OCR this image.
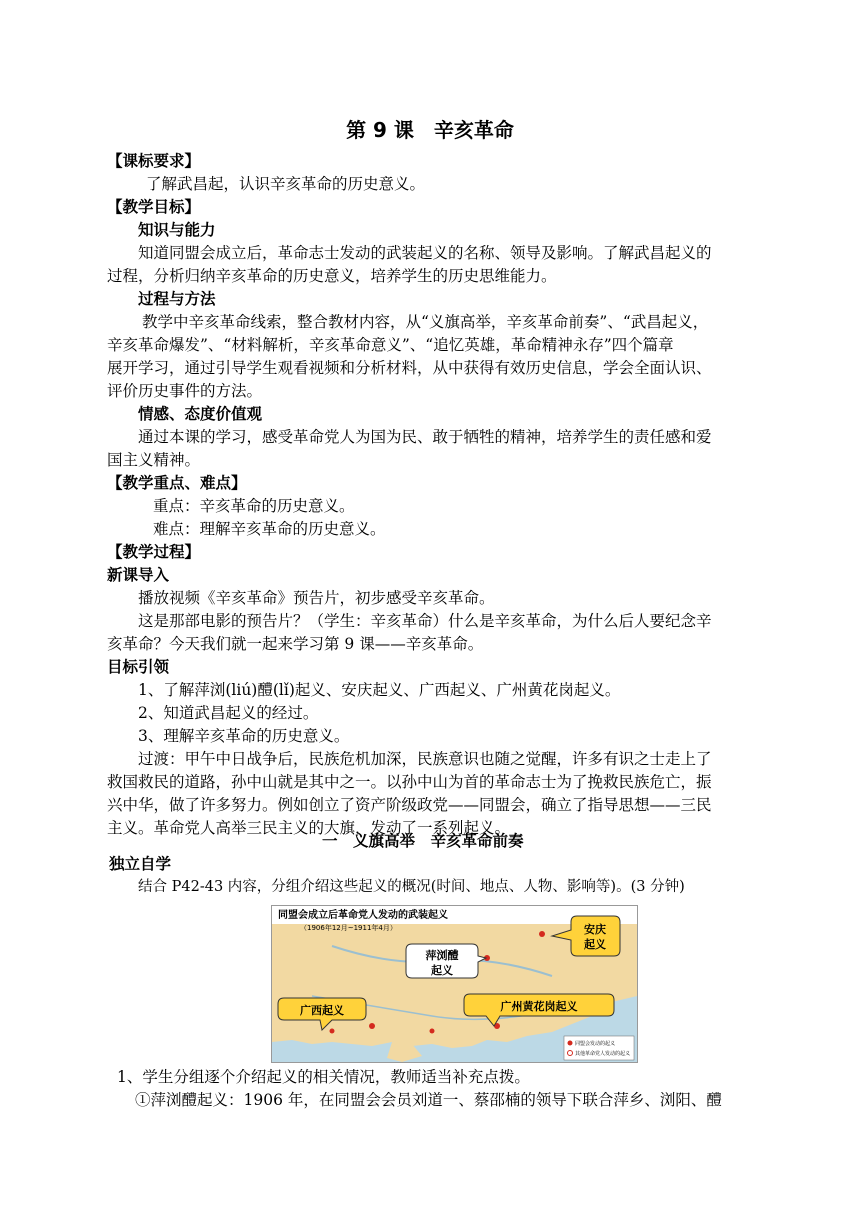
第 9 课　辛亥革命
【课标要求】
了解武昌起，认识辛亥革命的历史意义。
【教学目标】
知识与能力
知道同盟会成立后，革命志士发动的武装起义的名称、领导及影响。了解武昌起义的
过程，分析归纳辛亥革命的历史意义，培养学生的历史思维能力。
过程与方法
教学中辛亥革命线索，整合教材内容，从“义旗高举，辛亥革命前奏”、“武昌起义，
辛亥革命爆发”、“材料解析，辛亥革命意义”、“追忆英雄，革命精神永存”四个篇章
展开学习，通过引导学生观看视频和分析材料，从中获得有效历史信息，学会全面认识、
评价历史事件的方法。
情感、态度价值观
通过本课的学习，感受革命党人为国为民、敢于牺牲的精神，培养学生的责任感和爱
国主义精神。
【教学重点、难点】
重点：辛亥革命的历史意义。
难点：理解辛亥革命的历史意义。
【教学过程】
新课导入
播放视频《辛亥革命》预告片，初步感受辛亥革命。
这是那部电影的预告片？（学生：辛亥革命）什么是辛亥革命，为什么后人要纪念辛
亥革命？今天我们就一起来学习第 9 课——辛亥革命。
目标引领
1、了解萍浏(liú)醴(lǐ)起义、安庆起义、广西起义、广州黄花岗起义。
2、知道武昌起义的经过。
3、理解辛亥革命的历史意义。
过渡：甲午中日战争后，民族危机加深，民族意识也随之觉醒，许多有识之士走上了
救国救民的道路，孙中山就是其中之一。以孙中山为首的革命志士为了挽救民族危亡，振
兴中华，做了许多努力。例如创立了资产阶级政党——同盟会，确立了指导思想——三民
主义。革命党人高举三民主义的大旗，发动了一系列起义。
一　义旗高举　辛亥革命前奏
独立自学
结合 P42-43 内容，分组介绍这些起义的概况(时间、地点、人物、影响等)。(3 分钟)
同盟会成立后革命党人发动的武装起义
（1906年12月~1911年4月）	安庆
起义
萍浏醴
起义
广西起义	广州黄花岗起义
同盟会发动的起义
其他革命党人发动的起义
1、学生分组逐个介绍起义的相关情况，教师适当补充点拨。
①萍浏醴起义：1906 年，在同盟会会员刘道一、蔡邵楠的领导下联合萍乡、浏阳、醴
